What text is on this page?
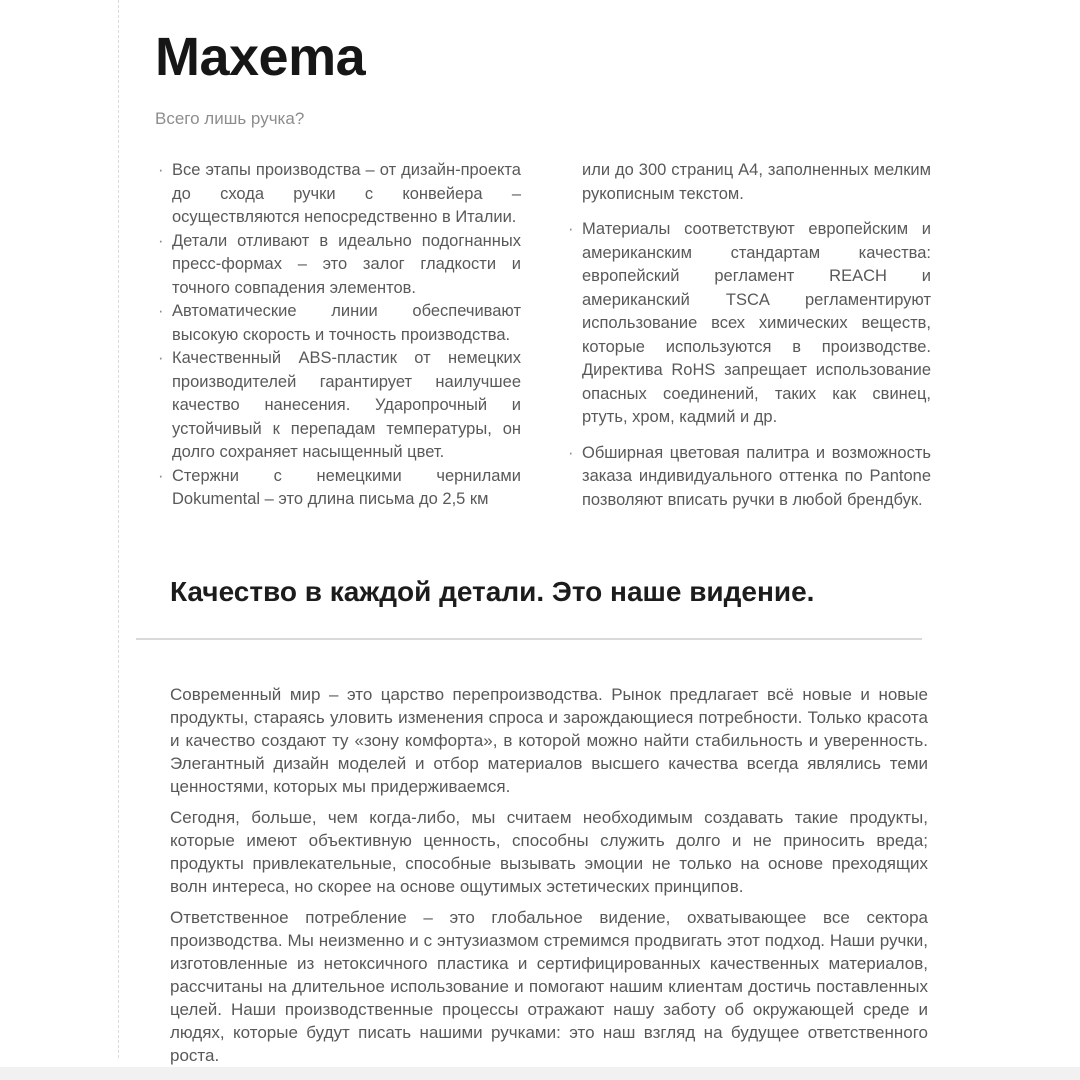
Maxema
Всего лишь ручка?
· Все этапы производства – от дизайн-проекта до схода ручки с конвейера – осуществляются непосредственно в Италии.
· Детали отливают в идеально подогнанных пресс-формах – это залог гладкости и точного совпадения элементов.
· Автоматические линии обеспечивают высокую скорость и точность производства.
· Качественный ABS-пластик от немецких производителей гарантирует наилучшее качество нанесения. Ударопрочный и устойчивый к перепадам температуры, он долго сохраняет насыщенный цвет.
· Стержни с немецкими чернилами Dokumental – это длина письма до 2,5 км
или до 300 страниц А4, заполненных мелким рукописным текстом.
· Материалы соответствуют европейским и американским стандартам качества: европейский регламент REACH и американский TSCA регламентируют использование всех химических веществ, которые используются в производстве. Директива RoHS запрещает использование опасных соединений, таких как свинец, ртуть, хром, кадмий и др.
· Обширная цветовая палитра и возможность заказа индивидуального оттенка по Pantone позволяют вписать ручки в любой брендбук.
Качество в каждой детали. Это наше видение.

Современный мир – это царство перепроизводства. Рынок предлагает всё новые и новые продукты, стараясь уловить изменения спроса и зарождающиеся потребности. Только красота и качество создают ту «зону комфорта», в которой можно найти стабильность и уверенность. Элегантный дизайн моделей и отбор материалов высшего качества всегда являлись теми ценностями, которых мы придерживаемся.

Сегодня, больше, чем когда-либо, мы считаем необходимым создавать такие продукты, которые имеют объективную ценность, способны служить долго и не приносить вреда; продукты привлекательные, способные вызывать эмоции не только на основе преходящих волн интереса, но скорее на основе ощутимых эстетических принципов.

Ответственное потребление – это глобальное видение, охватывающее все сектора производства. Мы неизменно и с энтузиазмом стремимся продвигать этот подход. Наши ручки, изготовленные из нетоксичного пластика и сертифицированных качественных материалов, рассчитаны на длительное использование и помогают нашим клиентам достичь поставленных целей. Наши производственные процессы отражают нашу заботу об окружающей среде и людях, которые будут писать нашими ручками: это наш взгляд на будущее ответственного роста.
